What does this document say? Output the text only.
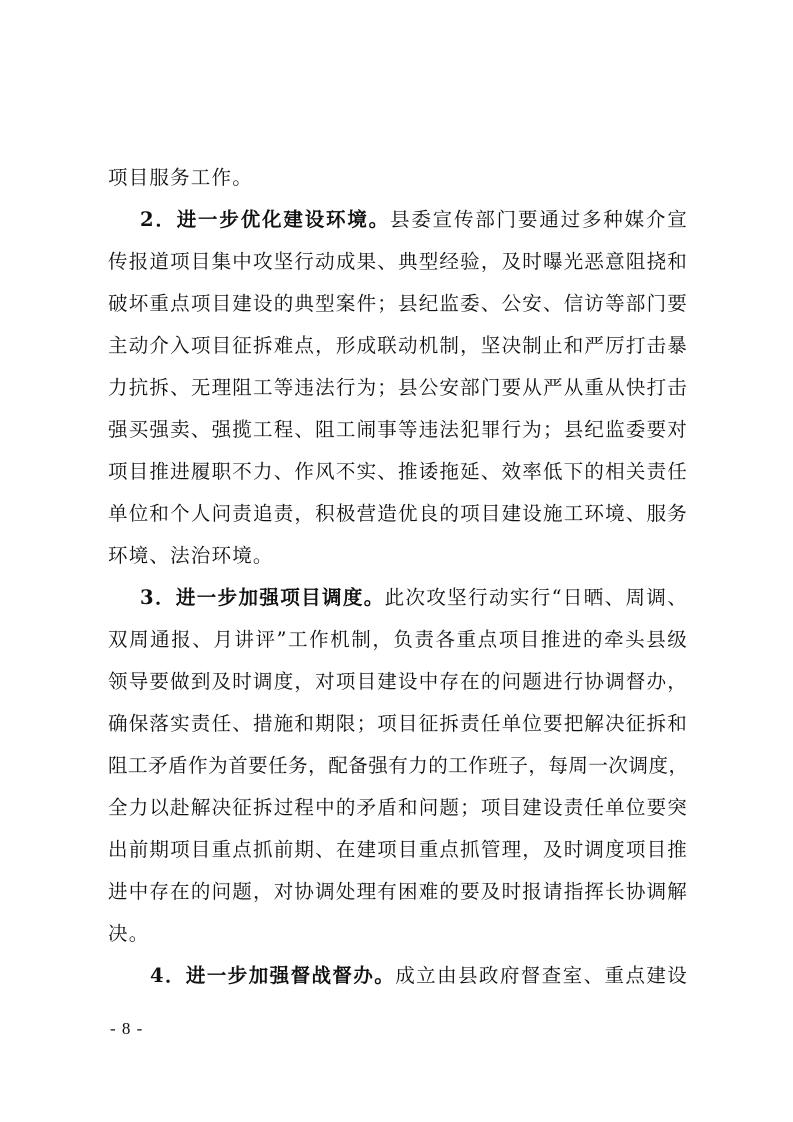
项目服务工作。
2．进一步优化建设环境。县委宣传部门要通过多种媒介宣
传报道项目集中攻坚行动成果、典型经验，及时曝光恶意阻挠和
破坏重点项目建设的典型案件；县纪监委、公安、信访等部门要
主动介入项目征拆难点，形成联动机制，坚决制止和严厉打击暴
力抗拆、无理阻工等违法行为；县公安部门要从严从重从快打击
强买强卖、强揽工程、阻工闹事等违法犯罪行为；县纪监委要对
项目推进履职不力、作风不实、推诿拖延、效率低下的相关责任
单位和个人问责追责，积极营造优良的项目建设施工环境、服务
环境、法治环境。
3．进一步加强项目调度。此次攻坚行动实行“日晒、周调、
双周通报、月讲评”工作机制，负责各重点项目推进的牵头县级
领导要做到及时调度，对项目建设中存在的问题进行协调督办，
确保落实责任、措施和期限；项目征拆责任单位要把解决征拆和
阻工矛盾作为首要任务，配备强有力的工作班子，每周一次调度，
全力以赴解决征拆过程中的矛盾和问题；项目建设责任单位要突
出前期项目重点抓前期、在建项目重点抓管理，及时调度项目推
进中存在的问题，对协调处理有困难的要及时报请指挥长协调解
决。
4．进一步加强督战督办。成立由县政府督查室、重点建设
- 8 -
